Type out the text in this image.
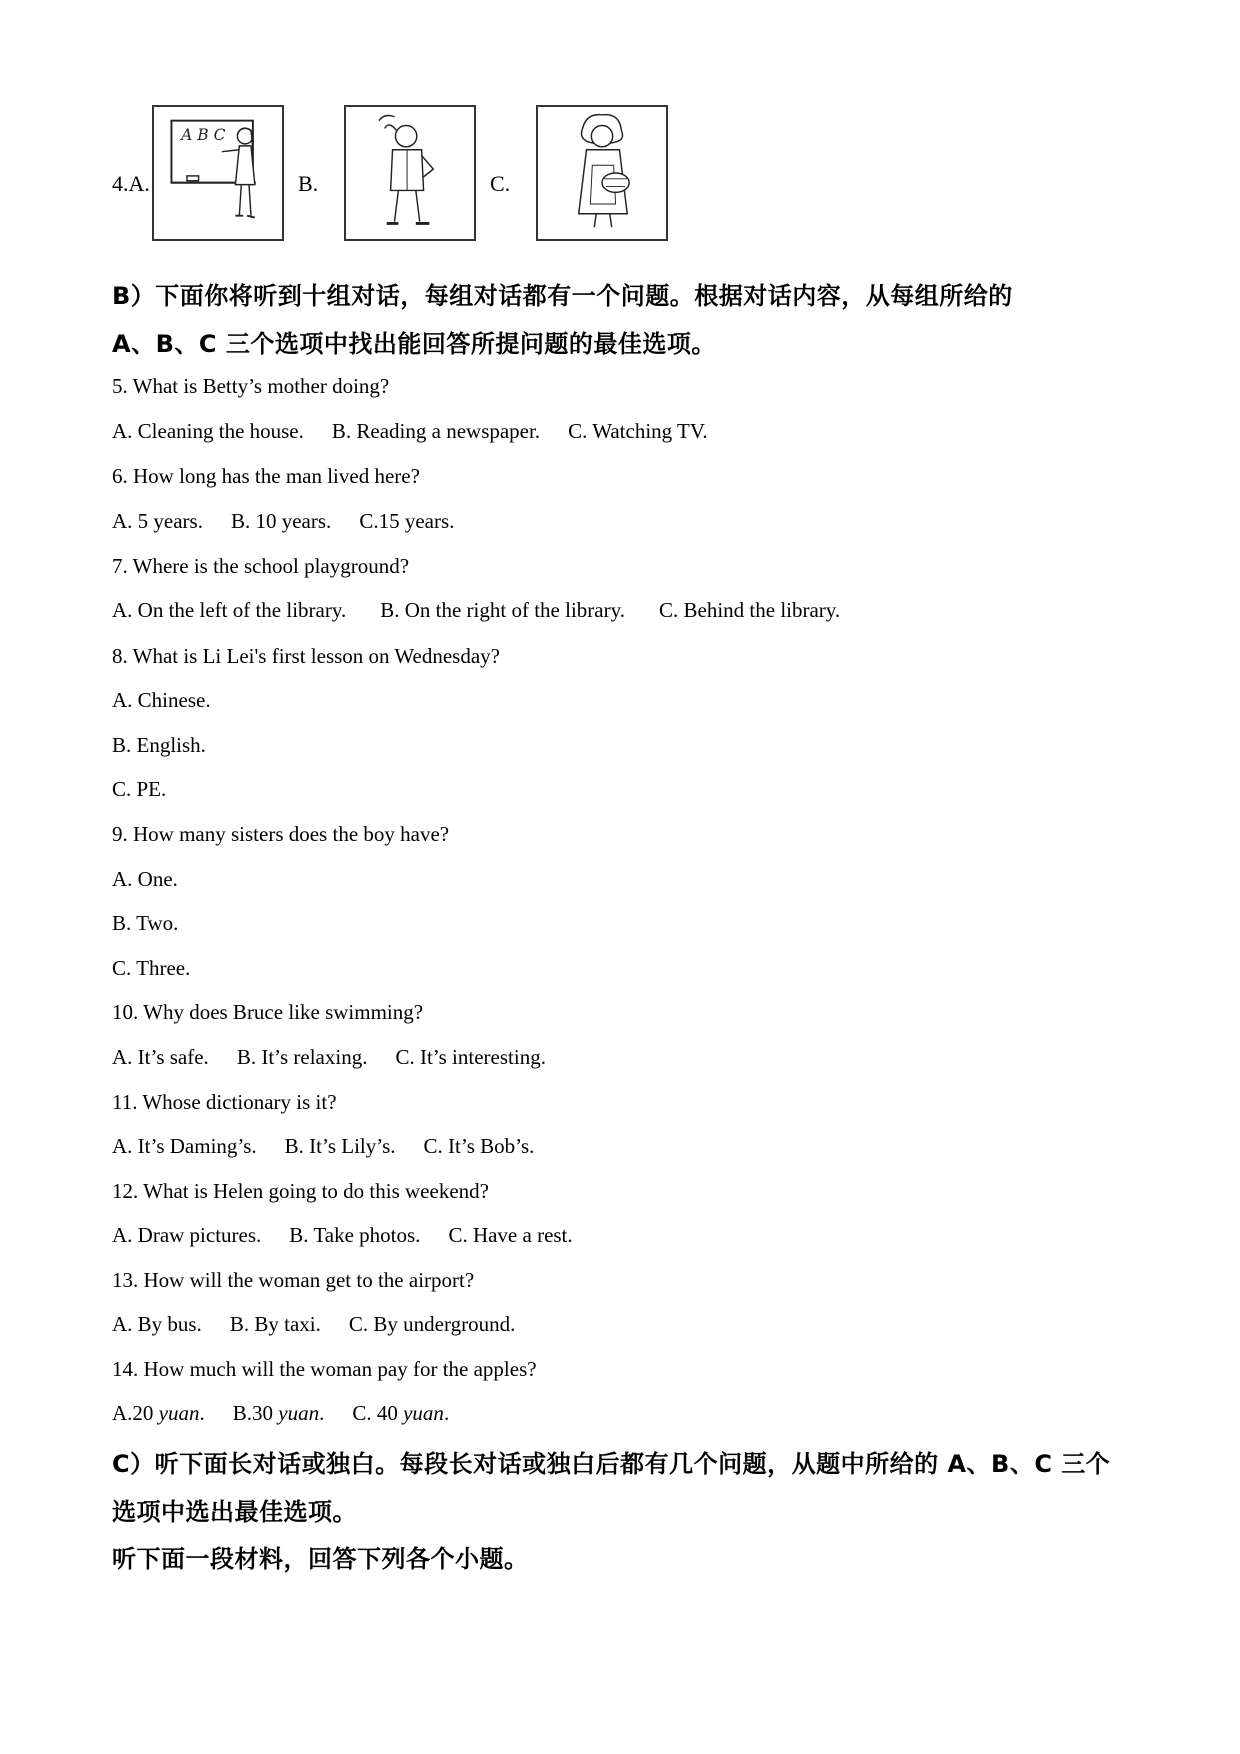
4.A.
A B C
B.	C.
B）下面你将听到十组对话，每组对话都有一个问题。根据对话内容，从每组所给的
A、B、C 三个选项中找出能回答所提问题的最佳选项。
5. What is Betty’s mother doing?
A. Cleaning the house. B. Reading a newspaper. C. Watching TV.
6. How long has the man lived here?
A. 5 years. B. 10 years. C.15 years.
7. Where is the school playground?
A. On the left of the library. B. On the right of the library. C. Behind the library.
8. What is Li Lei's first lesson on Wednesday?
A. Chinese.
B. English.
C. PE.
9. How many sisters does the boy have?
A. One.
B. Two.
C. Three.
10. Why does Bruce like swimming?
A. It’s safe. B. It’s relaxing. C. It’s interesting.
11. Whose dictionary is it?
A. It’s Daming’s. B. It’s Lily’s. C. It’s Bob’s.
12. What is Helen going to do this weekend?
A. Draw pictures. B. Take photos. C. Have a rest.
13. How will the woman get to the airport?
A. By bus. B. By taxi. C. By underground.
14. How much will the woman pay for the apples?
A.20 yuan. B.30 yuan. C. 40 yuan.
C）听下面长对话或独白。每段长对话或独白后都有几个问题，从题中所给的 A、B、C 三个
选项中选出最佳选项。
听下面一段材料，回答下列各个小题。
